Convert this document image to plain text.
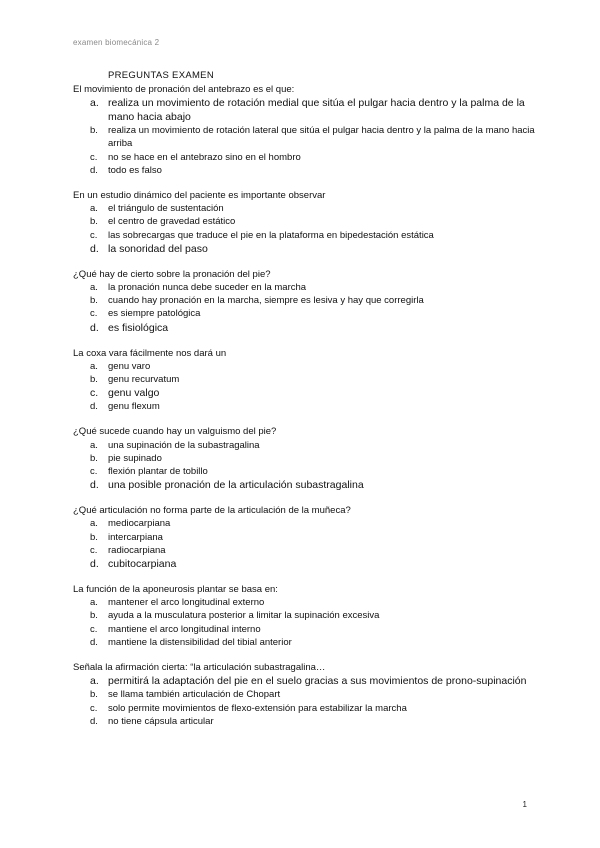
examen biomecánica 2
PREGUNTAS EXAMEN

El movimiento de pronación del antebrazo es el que:

a. realiza un movimiento de rotación medial que sitúa el pulgar hacia dentro y la palma de la mano hacia abajo
b.	realiza un movimiento de rotación lateral que sitúa el pulgar hacia dentro y la palma de la mano hacia arriba
c.	no se hace en el antebrazo sino en el hombro
d.	todo es falso

En un estudio dinámico del paciente es importante observar

a.	el triángulo de sustentación
b.	el centro de gravedad estático
c.	las sobrecargas que traduce el pie en la plataforma en bipedestación estática
d. la sonoridad del paso

¿Qué hay de cierto sobre la pronación del pie?

a.	la pronación nunca debe suceder en la marcha
b.	cuando hay pronación en la marcha, siempre es lesiva y hay que corregirla
c.	es siempre patológica
d. es fisiológica

La coxa vara fácilmente nos dará un

a.	genu varo
b.	genu recurvatum
c. genu valgo
d.	genu flexum

¿Qué sucede cuando hay un valguismo del pie?

a.	una supinación de la subastragalina
b.	pie supinado
c.	flexión plantar de tobillo
d. una posible pronación de la articulación subastragalina

¿Qué articulación no forma parte de la articulación de la muñeca?

a.	mediocarpiana
b.	intercarpiana
c.	radiocarpiana
d. cubitocarpiana

La función de la aponeurosis plantar se basa en:

a.	mantener el arco longitudinal externo
b.	ayuda a la musculatura posterior a limitar la supinación excesiva
c.	mantiene el arco longitudinal interno
d.	mantiene la distensibilidad del tibial anterior

Señala la afirmación cierta: “la articulación subastragalina…

a. permitirá la adaptación del pie en el suelo gracias a sus movimientos de prono-supinación
b.	se llama también articulación de Chopart
c.	solo permite movimientos de flexo-extensión para estabilizar la marcha
d.	no tiene cápsula articular
1
